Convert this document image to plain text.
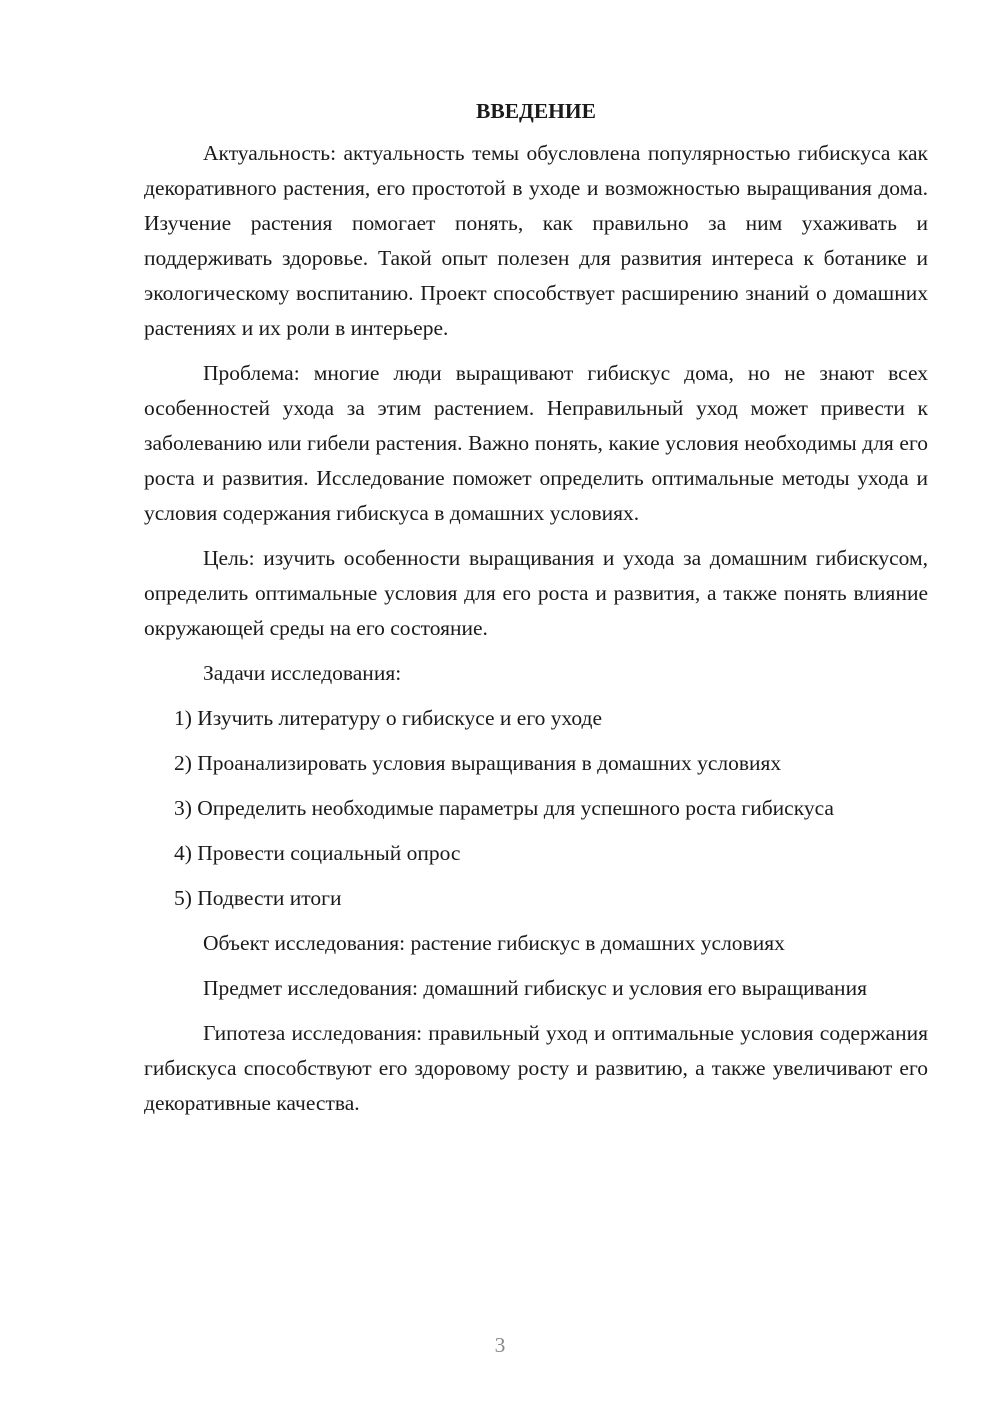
ВВЕДЕНИЕ

Актуальность: актуальность темы обусловлена популярностью гибискуса как декоративного растения, его простотой в уходе и возможностью выращивания дома. Изучение растения помогает понять, как правильно за ним ухаживать и поддерживать здоровье. Такой опыт полезен для развития интереса к ботанике и экологическому воспитанию. Проект способствует расширению знаний о домашних растениях и их роли в интерьере.

Проблема: многие люди выращивают гибискус дома, но не знают всех особенностей ухода за этим растением. Неправильный уход может привести к заболеванию или гибели растения. Важно понять, какие условия необходимы для его роста и развития. Исследование поможет определить оптимальные методы ухода и условия содержания гибискуса в домашних условиях.

Цель: изучить особенности выращивания и ухода за домашним гибискусом, определить оптимальные условия для его роста и развития, а также понять влияние окружающей среды на его состояние.

Задачи исследования:

1) Изучить литературу о гибискусе и его уходе

2) Проанализировать условия выращивания в домашних условиях

3) Определить необходимые параметры для успешного роста гибискуса

4) Провести социальный опрос

5) Подвести итоги

Объект исследования: растение гибискус в домашних условиях

Предмет исследования: домашний гибискус и условия его выращивания

Гипотеза исследования: правильный уход и оптимальные условия содержания гибискуса способствуют его здоровому росту и развитию, а также увеличивают его декоративные качества.

3
